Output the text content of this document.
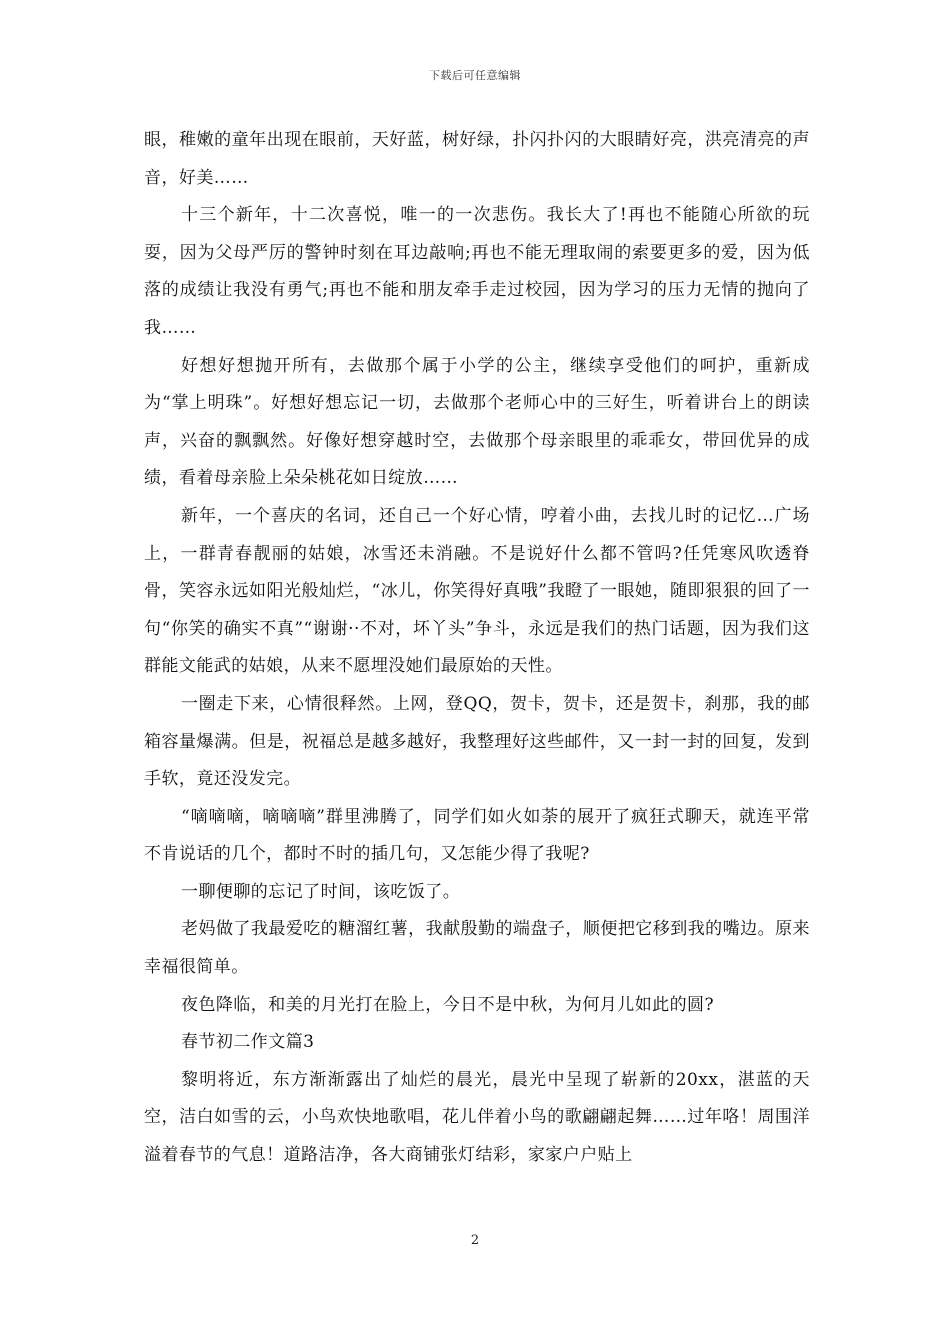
下载后可任意编辑

眼，稚嫩的童年出现在眼前，天好蓝，树好绿，扑闪扑闪的大眼睛好亮，洪亮清亮的声音，好美……

十三个新年，十二次喜悦，唯一的一次悲伤。我长大了!再也不能随心所欲的玩耍，因为父母严厉的警钟时刻在耳边敲响;再也不能无理取闹的索要更多的爱，因为低落的成绩让我没有勇气;再也不能和朋友牵手走过校园，因为学习的压力无情的抛向了我……

好想好想抛开所有，去做那个属于小学的公主，继续享受他们的呵护，重新成为“掌上明珠”。好想好想忘记一切，去做那个老师心中的三好生，听着讲台上的朗读声，兴奋的飘飘然。好像好想穿越时空，去做那个母亲眼里的乖乖女，带回优异的成绩，看着母亲脸上朵朵桃花如日绽放……

新年，一个喜庆的名词，还自己一个好心情，哼着小曲，去找儿时的记忆…广场上，一群青春靓丽的姑娘，冰雪还未消融。不是说好什么都不管吗?任凭寒风吹透脊骨，笑容永远如阳光般灿烂，“冰儿，你笑得好真哦”我瞪了一眼她，随即狠狠的回了一句“你笑的确实不真”“谢谢··不对，坏丫头”争斗，永远是我们的热门话题，因为我们这群能文能武的姑娘，从来不愿埋没她们最原始的天性。

一圈走下来，心情很释然。上网，登QQ，贺卡，贺卡，还是贺卡，刹那，我的邮箱容量爆满。但是，祝福总是越多越好，我整理好这些邮件，又一封一封的回复，发到手软，竟还没发完。

“嘀嘀嘀，嘀嘀嘀”群里沸腾了，同学们如火如荼的展开了疯狂式聊天，就连平常不肯说话的几个，都时不时的插几句，又怎能少得了我呢?

一聊便聊的忘记了时间，该吃饭了。

老妈做了我最爱吃的糖溜红薯，我献殷勤的端盘子，顺便把它移到我的嘴边。原来幸福很简单。

夜色降临，和美的月光打在脸上，今日不是中秋，为何月儿如此的圆?

春节初二作文篇3

黎明将近，东方渐渐露出了灿烂的晨光，晨光中呈现了崭新的20xx，湛蓝的天空，洁白如雪的云，小鸟欢快地歌唱，花儿伴着小鸟的歌翩翩起舞……过年咯！周围洋溢着春节的气息！道路洁净，各大商铺张灯结彩，家家户户贴上

2
